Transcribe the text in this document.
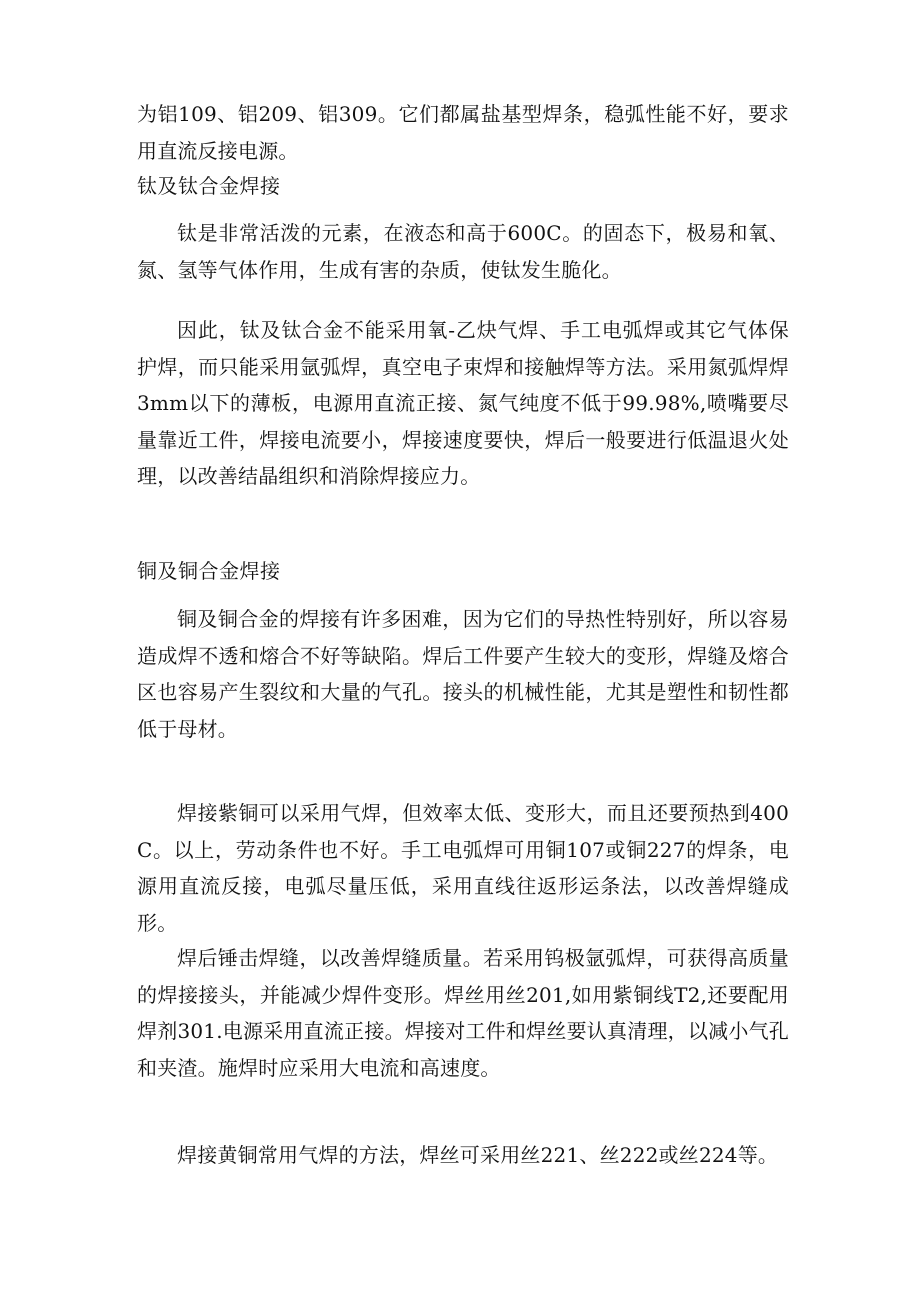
为铝109、铝209、铝309。它们都属盐基型焊条，稳弧性能不好，要求用直流反接电源。

钛及钛合金焊接

钛是非常活泼的元素，在液态和高于600C。的固态下，极易和氧、氮、氢等气体作用，生成有害的杂质，使钛发生脆化。

因此，钛及钛合金不能采用氧-乙炔气焊、手工电弧焊或其它气体保护焊，而只能采用氩弧焊，真空电子束焊和接触焊等方法。采用氮弧焊焊3mm以下的薄板，电源用直流正接、氮气纯度不低于99.98%,喷嘴要尽量靠近工件，焊接电流要小，焊接速度要快，焊后一般要进行低温退火处理，以改善结晶组织和消除焊接应力。

铜及铜合金焊接

铜及铜合金的焊接有许多困难，因为它们的导热性特别好，所以容易造成焊不透和熔合不好等缺陷。焊后工件要产生较大的变形，焊缝及熔合区也容易产生裂纹和大量的气孔。接头的机械性能，尤其是塑性和韧性都低于母材。

焊接紫铜可以采用气焊，但效率太低、变形大，而且还要预热到400C。以上，劳动条件也不好。手工电弧焊可用铜107或铜227的焊条，电源用直流反接，电弧尽量压低，采用直线往返形运条法，以改善焊缝成形。

焊后锤击焊缝，以改善焊缝质量。若采用钨极氩弧焊，可获得高质量的焊接接头，并能减少焊件变形。焊丝用丝201,如用紫铜线T2,还要配用焊剂301.电源采用直流正接。焊接对工件和焊丝要认真清理，以减小气孔和夹渣。施焊时应采用大电流和高速度。

焊接黄铜常用气焊的方法，焊丝可采用丝221、丝222或丝224等。
